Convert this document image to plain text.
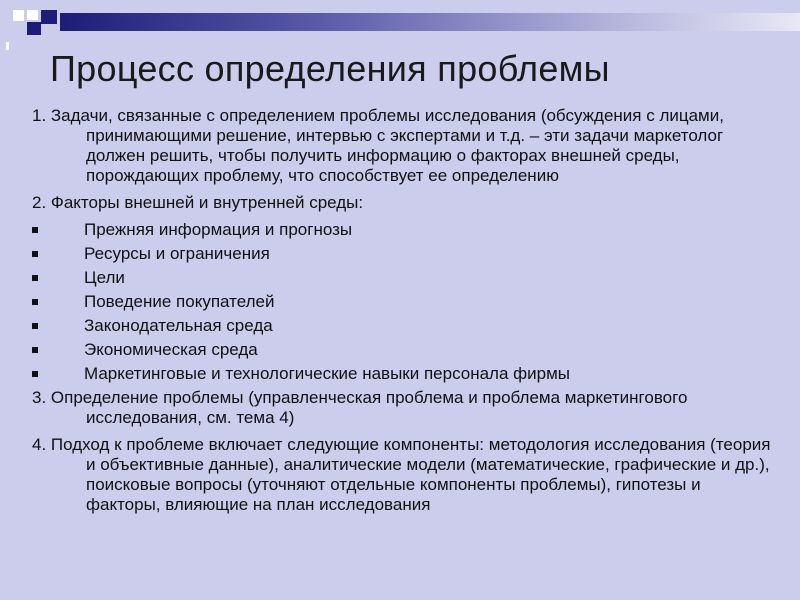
Процесс определения проблемы
1. Задачи, связанные с определением проблемы исследования (обсуждения с лицами, принимающими решение, интервью с экспертами и т.д. – эти задачи маркетолог должен решить, чтобы получить информацию о факторах внешней среды, порождающих проблему, что способствует ее определению
2. Факторы внешней и внутренней среды:
Прежняя информация и прогнозы
Ресурсы и ограничения
Цели
Поведение покупателей
Законодательная среда
Экономическая среда
Маркетинговые и технологические навыки персонала фирмы
3. Определение проблемы (управленческая проблема и проблема маркетингового исследования, см. тема 4)
4. Подход к проблеме включает следующие компоненты: методология исследования (теория и объективные данные), аналитические модели (математические, графические и др.), поисковые вопросы (уточняют отдельные компоненты проблемы), гипотезы и факторы, влияющие на план исследования
